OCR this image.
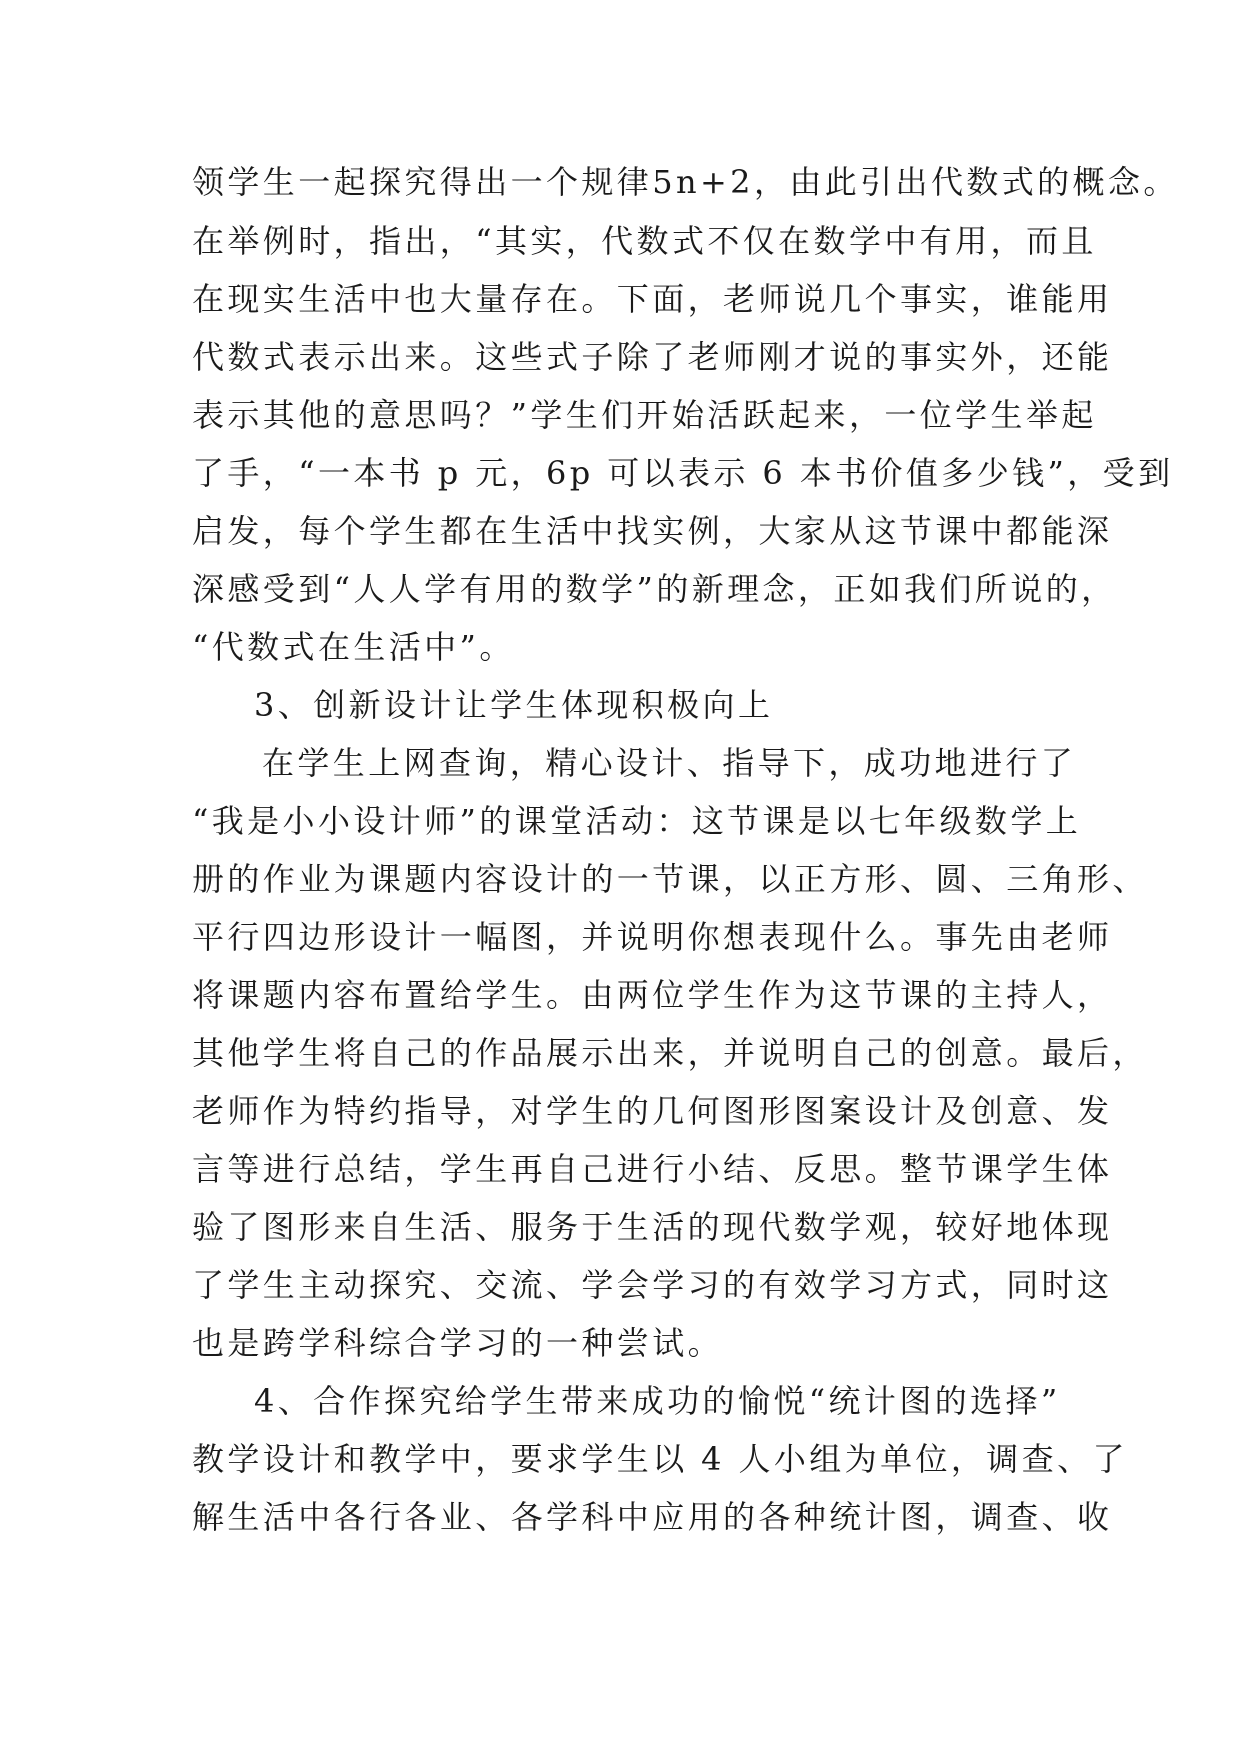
领学生一起探究得出一个规律5n+2，由此引出代数式的概念。
在举例时，指出，“其实，代数式不仅在数学中有用，而且
在现实生活中也大量存在。下面，老师说几个事实，谁能用
代数式表示出来。这些式子除了老师刚才说的事实外，还能
表示其他的意思吗？”学生们开始活跃起来，一位学生举起
了手，“一本书 p 元，6p 可以表示 6 本书价值多少钱”，受到
启发，每个学生都在生活中找实例，大家从这节课中都能深
深感受到“人人学有用的数学”的新理念，正如我们所说的，
“代数式在生活中”。
3、创新设计让学生体现积极向上
在学生上网查询，精心设计、指导下，成功地进行了
“我是小小设计师”的课堂活动：这节课是以七年级数学上
册的作业为课题内容设计的一节课，以正方形、圆、三角形、
平行四边形设计一幅图，并说明你想表现什么。事先由老师
将课题内容布置给学生。由两位学生作为这节课的主持人，
其他学生将自己的作品展示出来，并说明自己的创意。最后，
老师作为特约指导，对学生的几何图形图案设计及创意、发
言等进行总结，学生再自己进行小结、反思。整节课学生体
验了图形来自生活、服务于生活的现代数学观，较好地体现
了学生主动探究、交流、学会学习的有效学习方式，同时这
也是跨学科综合学习的一种尝试。
4、合作探究给学生带来成功的愉悦“统计图的选择”
教学设计和教学中，要求学生以 4 人小组为单位，调查、了
解生活中各行各业、各学科中应用的各种统计图，调查、收
